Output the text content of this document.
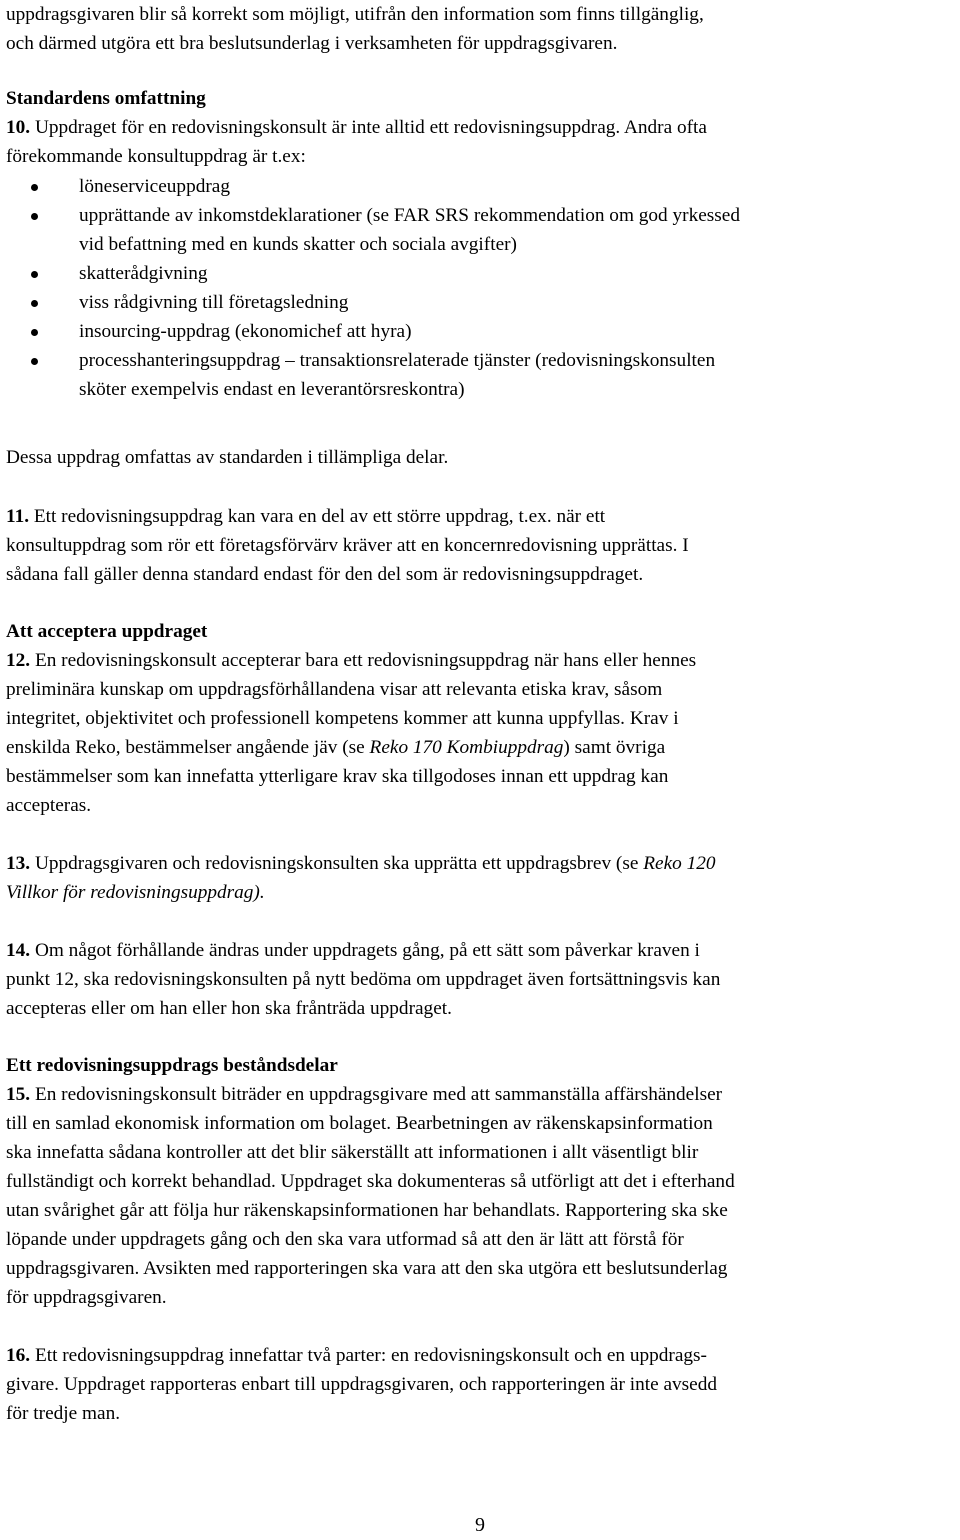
uppdragsgivaren blir så korrekt som möjligt, utifrån den information som finns tillgänglig,
och därmed utgöra ett bra beslutsunderlag i verksamheten för uppdragsgivaren.
Standardens omfattning
10. Uppdraget för en redovisningskonsult är inte alltid ett redovisningsuppdrag. Andra ofta
förekommande konsultuppdrag är t.ex:
löneserviceuppdrag
upprättande av inkomstdeklarationer (se FAR SRS rekommendation om god yrkessed
vid befattning med en kunds skatter och sociala avgifter)
skatterådgivning
viss rådgivning till företagsledning
insourcing-uppdrag (ekonomichef att hyra)
processhanteringsuppdrag – transaktionsrelaterade tjänster (redovisningskonsulten
sköter exempelvis endast en leverantörsreskontra)
Dessa uppdrag omfattas av standarden i tillämpliga delar.
11. Ett redovisningsuppdrag kan vara en del av ett större uppdrag, t.ex. när ett
konsultuppdrag som rör ett företagsförvärv kräver att en koncernredovisning upprättas. I
sådana fall gäller denna standard endast för den del som är redovisningsuppdraget.
Att acceptera uppdraget
12. En redovisningskonsult accepterar bara ett redovisningsuppdrag när hans eller hennes
preliminära kunskap om uppdragsförhållandena visar att relevanta etiska krav, såsom
integritet, objektivitet och professionell kompetens kommer att kunna uppfyllas. Krav i
enskilda Reko, bestämmelser angående jäv (se Reko 170 Kombiuppdrag) samt övriga
bestämmelser som kan innefatta ytterligare krav ska tillgodoses innan ett uppdrag kan
accepteras.
13. Uppdragsgivaren och redovisningskonsulten ska upprätta ett uppdragsbrev (se Reko 120
Villkor för redovisningsuppdrag).
14. Om något förhållande ändras under uppdragets gång, på ett sätt som påverkar kraven i
punkt 12, ska redovisningskonsulten på nytt bedöma om uppdraget även fortsättningsvis kan
accepteras eller om han eller hon ska frånträda uppdraget.
Ett redovisningsuppdrags beståndsdelar
15. En redovisningskonsult biträder en uppdragsgivare med att sammanställa affärshändelser
till en samlad ekonomisk information om bolaget. Bearbetningen av räkenskapsinformation
ska innefatta sådana kontroller att det blir säkerställt att informationen i allt väsentligt blir
fullständigt och korrekt behandlad. Uppdraget ska dokumenteras så utförligt att det i efterhand
utan svårighet går att följa hur räkenskapsinformationen har behandlats. Rapportering ska ske
löpande under uppdragets gång och den ska vara utformad så att den är lätt att förstå för
uppdragsgivaren. Avsikten med rapporteringen ska vara att den ska utgöra ett beslutsunderlag
för uppdragsgivaren.
16. Ett redovisningsuppdrag innefattar två parter: en redovisningskonsult och en uppdrags-
givare. Uppdraget rapporteras enbart till uppdragsgivaren, och rapporteringen är inte avsedd
för tredje man.
9
